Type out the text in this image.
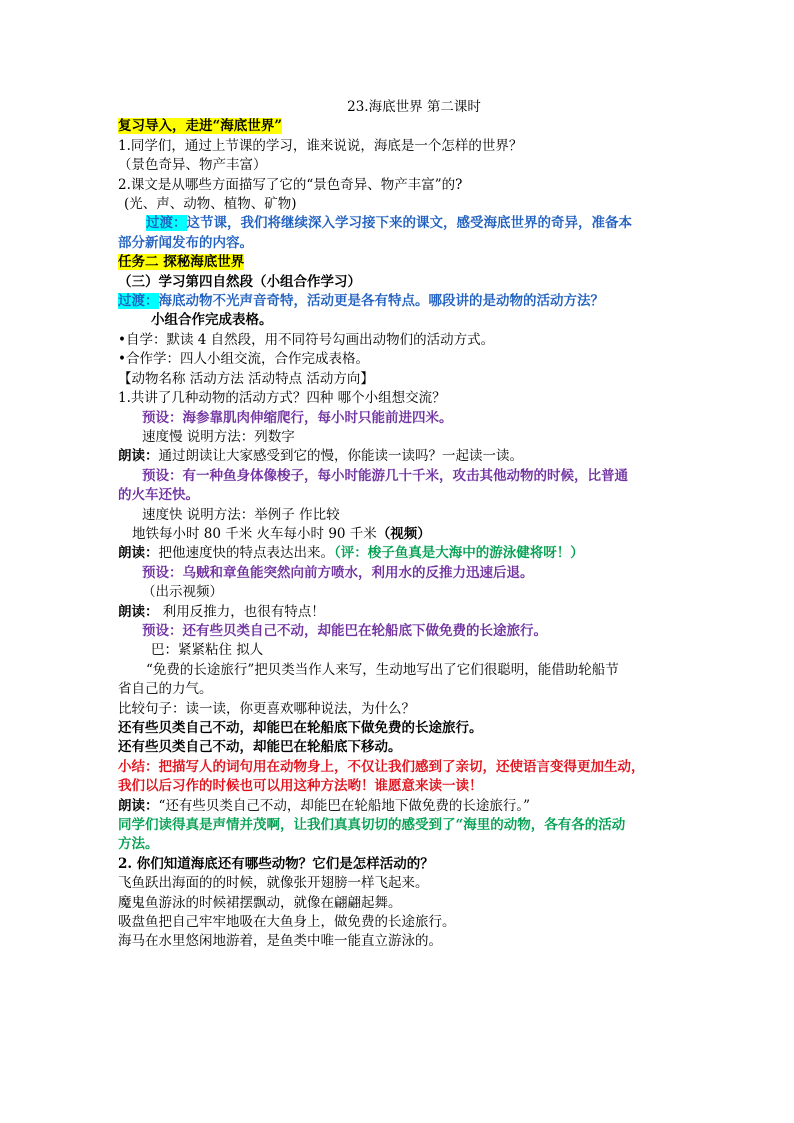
23.海底世界 第二课时
复习导入，走进“海底世界”
1.同学们，通过上节课的学习，谁来说说，海底是一个怎样的世界？
（景色奇异、物产丰富）
2.课文是从哪些方面描写了它的“景色奇异、物产丰富”的?
(光、声、动物、植物、矿物)
过渡：这节课，我们将继续深入学习接下来的课文，感受海底世界的奇异，准备本
部分新闻发布的内容。
任务二 探秘海底世界
（三）学习第四自然段（小组合作学习）
过渡：海底动物不光声音奇特，活动更是各有特点。哪段讲的是动物的活动方法？
小组合作完成表格。
•自学：默读 4 自然段，用不同符号勾画出动物们的活动方式。
•合作学：四人小组交流，合作完成表格。
【动物名称 活动方法 活动特点 活动方向】
1.共讲了几种动物的活动方式？四种 哪个小组想交流？
预设：海参靠肌肉伸缩爬行，每小时只能前进四米。
速度慢 说明方法：列数字
朗读：通过朗读让大家感受到它的慢，你能读一读吗？一起读一读。
预设：有一种鱼身体像梭子，每小时能游几十千米，攻击其他动物的时候，比普通
的火车还快。
速度快 说明方法：举例子 作比较
地铁每小时 80 千米 火车每小时 90 千米（视频）
朗读：把他速度快的特点表达出来。（评：梭子鱼真是大海中的游泳健将呀！）
预设：乌贼和章鱼能突然向前方喷水，利用水的反推力迅速后退。
（出示视频）
朗读： 利用反推力，也很有特点！
预设：还有些贝类自己不动，却能巴在轮船底下做免费的长途旅行。
巴：紧紧粘住 拟人
“免费的长途旅行”把贝类当作人来写，生动地写出了它们很聪明，能借助轮船节
省自己的力气。
比较句子：读一读，你更喜欢哪种说法，为什么？
还有些贝类自己不动，却能巴在轮船底下做免费的长途旅行。
还有些贝类自己不动，却能巴在轮船底下移动。
小结：把描写人的词句用在动物身上，不仅让我们感到了亲切，还使语言变得更加生动，
我们以后习作的时候也可以用这种方法哟！谁愿意来读一读！
朗读：“还有些贝类自己不动，却能巴在轮船地下做免费的长途旅行。”
同学们读得真是声情并茂啊，让我们真真切切的感受到了“海里的动物，各有各的活动
方法。
2. 你们知道海底还有哪些动物？它们是怎样活动的？
飞鱼跃出海面的的时候，就像张开翅膀一样飞起来。
魔鬼鱼游泳的时候裙摆飘动，就像在翩翩起舞。
吸盘鱼把自己牢牢地吸在大鱼身上，做免费的长途旅行。
海马在水里悠闲地游着，是鱼类中唯一能直立游泳的。
